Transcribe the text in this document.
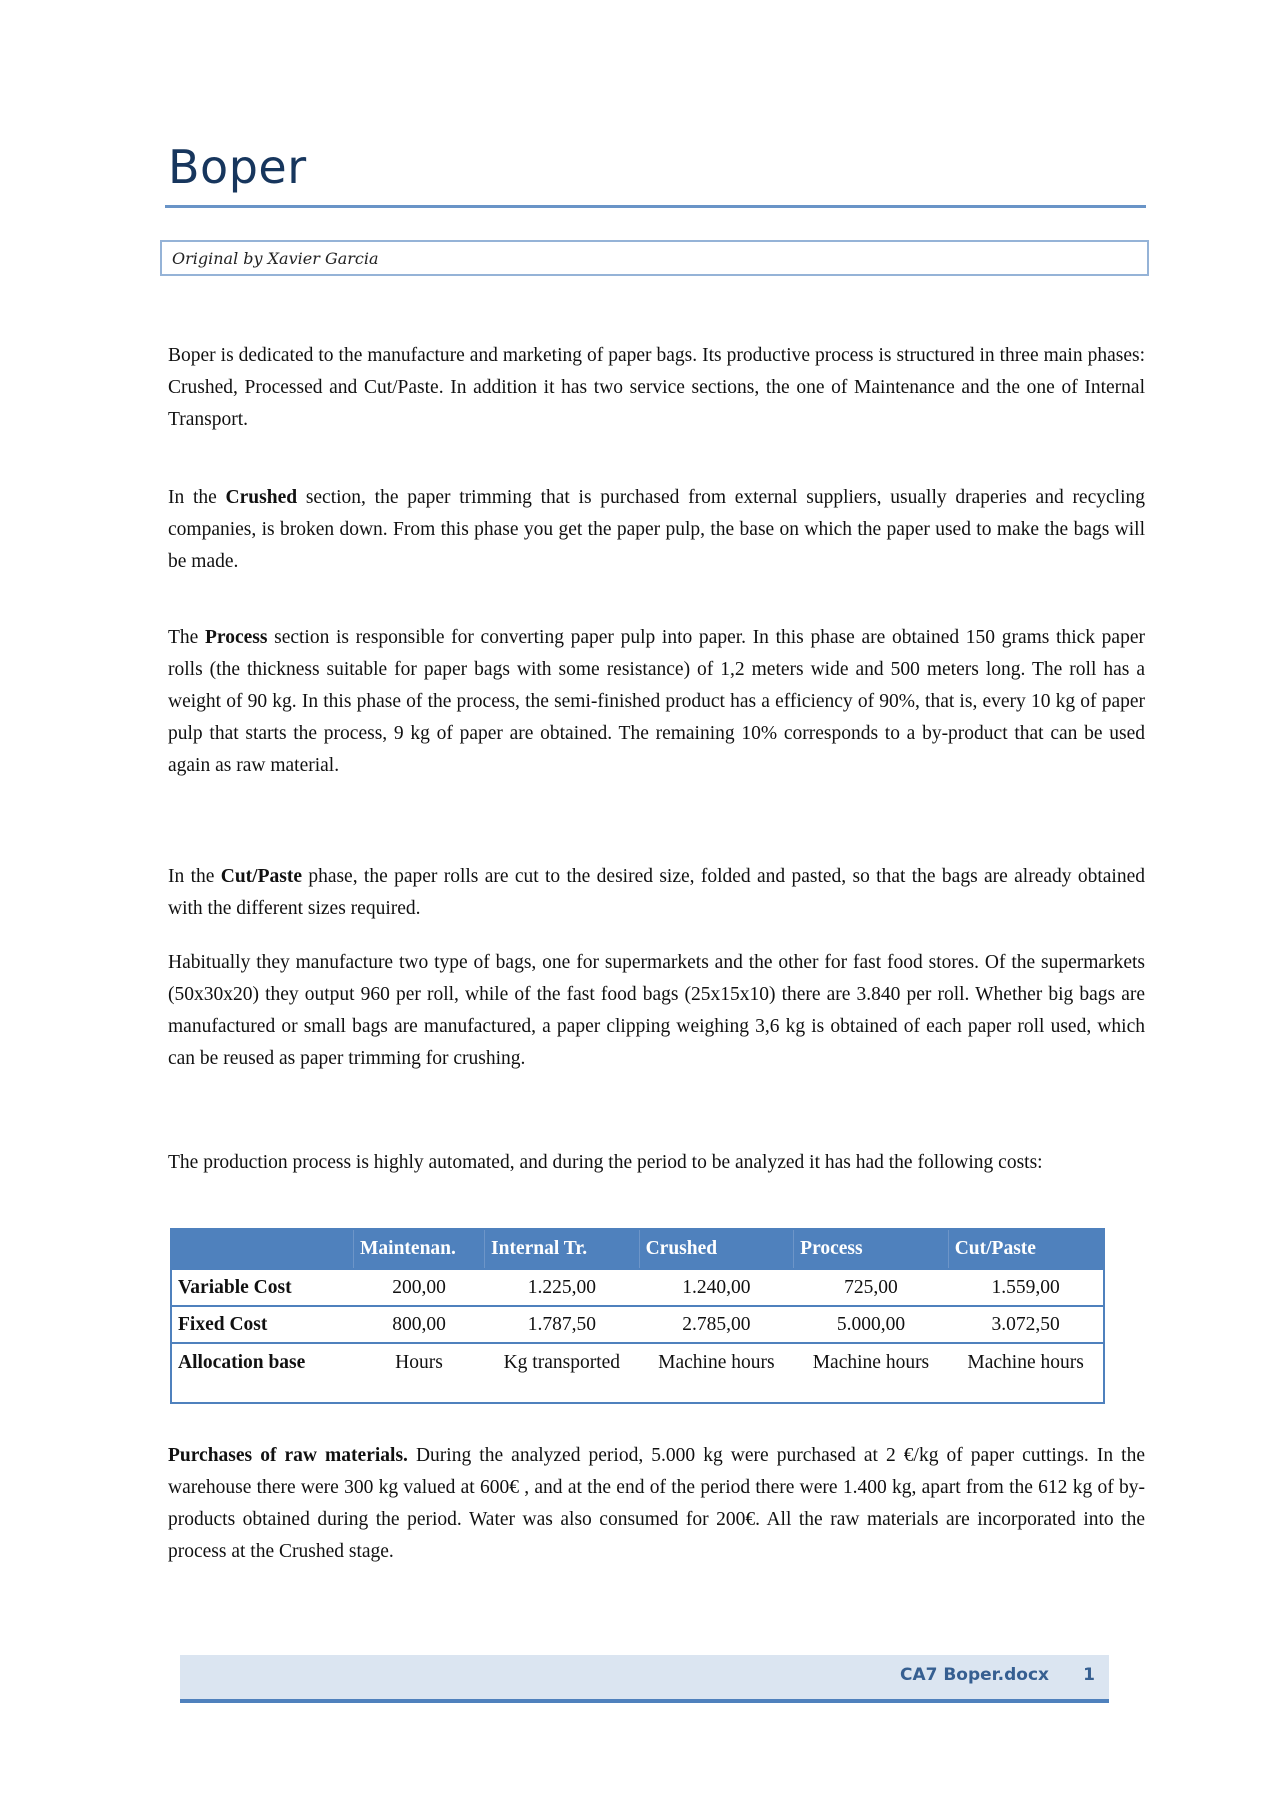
Boper
Original by Xavier Garcia

Boper is dedicated to the manufacture and marketing of paper bags. Its productive process is structured in three main phases: Crushed, Processed and Cut/Paste. In addition it has two service sections, the one of Maintenance and the one of Internal Transport.

In the Crushed section, the paper trimming that is purchased from external suppliers, usually draperies and recycling companies, is broken down. From this phase you get the paper pulp, the base on which the paper used to make the bags will be made.

The Process section is responsible for converting paper pulp into paper. In this phase are obtained 150 grams thick paper rolls (the thickness suitable for paper bags with some resistance) of 1,2 meters wide and 500 meters long. The roll has a weight of 90 kg. In this phase of the process, the semi-finished product has a efficiency of 90%, that is, every 10 kg of paper pulp that starts the process, 9 kg of paper are obtained. The remaining 10% corresponds to a by-product that can be used again as raw material.

In the Cut/Paste phase, the paper rolls are cut to the desired size, folded and pasted, so that the bags are already obtained with the different sizes required.

Habitually they manufacture two type of bags, one for supermarkets and the other for fast food stores. Of the supermarkets (50x30x20) they output 960 per roll, while of the fast food bags (25x15x10) there are 3.840 per roll. Whether big bags are manufactured or small bags are manufactured, a paper clipping weighing 3,6 kg is obtained of each paper roll used, which can be reused as paper trimming for crushing.

The production process is highly automated, and during the period to be analyzed it has had the following costs:

	Maintenan.	Internal Tr.	Crushed	Process	Cut/Paste
Variable Cost	200,00	1.225,00	1.240,00	725,00	1.559,00
Fixed Cost	800,00	1.787,50	2.785,00	5.000,00	3.072,50
Allocation base	Hours	Kg transported	Machine hours	Machine hours	Machine hours

Purchases of raw materials. During the analyzed period, 5.000 kg were purchased at 2 €/kg of paper cuttings. In the warehouse there were 300 kg valued at 600€ , and at the end of the period there were 1.400 kg, apart from the 612 kg of by-products obtained during the period. Water was also consumed for 200€. All the raw materials are incorporated into the process at the Crushed stage.

CA7 Boper.docx 1
